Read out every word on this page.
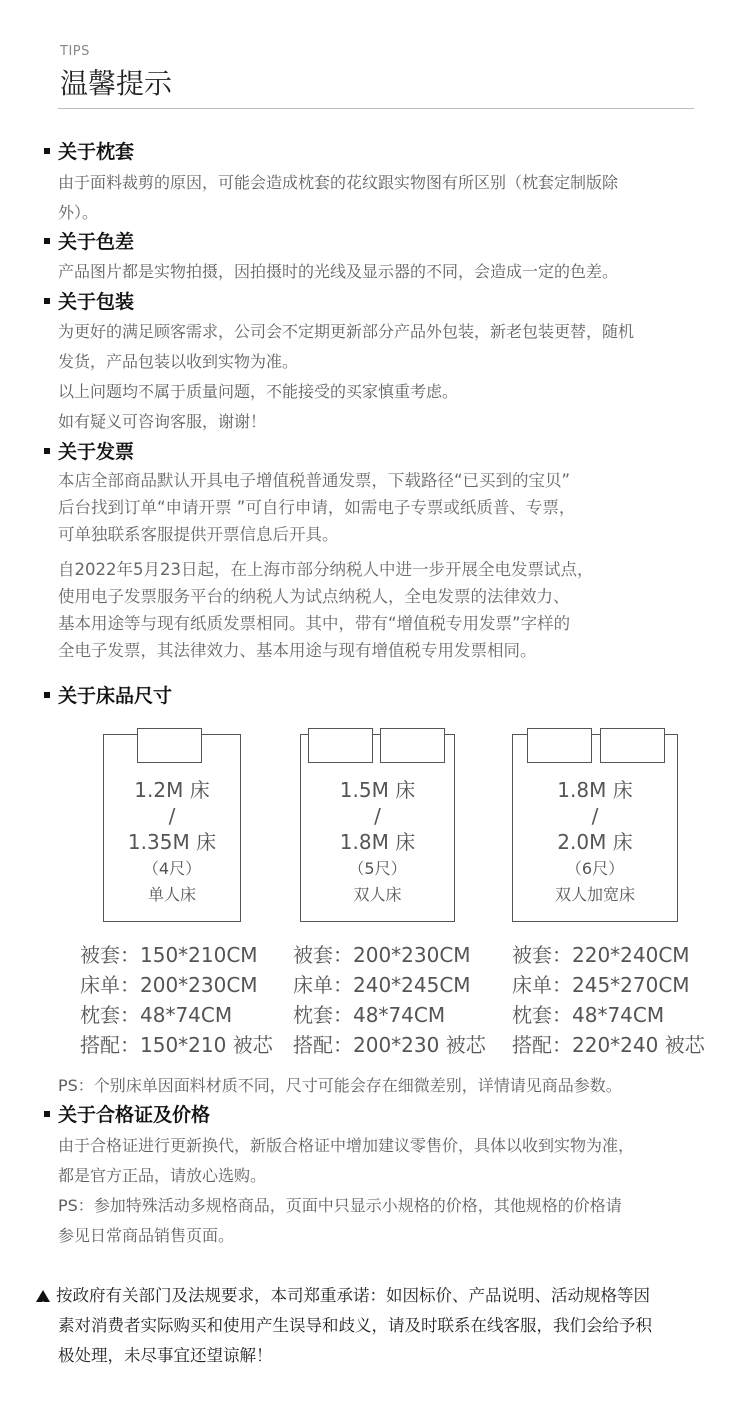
TIPS
温馨提示
关于枕套
由于面料裁剪的原因，可能会造成枕套的花纹跟实物图有所区别（枕套定制版除
外）。
关于色差
产品图片都是实物拍摄，因拍摄时的光线及显示器的不同，会造成一定的色差。
关于包装
为更好的满足顾客需求，公司会不定期更新部分产品外包装，新老包装更替，随机
发货，产品包装以收到实物为准。
以上问题均不属于质量问题，不能接受的买家慎重考虑。
如有疑义可咨询客服，谢谢！
关于发票
本店全部商品默认开具电子增值税普通发票，下载路径“已买到的宝贝”
后台找到订单“申请开票 ”可自行申请，如需电子专票或纸质普、专票，
可单独联系客服提供开票信息后开具。
自2022年5月23日起，在上海市部分纳税人中进一步开展全电发票试点，
使用电子发票服务平台的纳税人为试点纳税人，全电发票的法律效力、
基本用途等与现有纸质发票相同。其中，带有“增值税专用发票”字样的
全电子发票，其法律效力、基本用途与现有增值税专用发票相同。
关于床品尺寸
1.2M 床
/
1.35M 床
（4尺）
单人床
1.5M 床
/
1.8M 床
（5尺）
双人床
1.8M 床
/
2.0M 床
（6尺）
双人加宽床
被套：150*210CM
床单：200*230CM
枕套：48*74CM
搭配：150*210 被芯
被套：200*230CM
床单：240*245CM
枕套：48*74CM
搭配：200*230 被芯
被套：220*240CM
床单：245*270CM
枕套：48*74CM
搭配：220*240 被芯
PS：个别床单因面料材质不同，尺寸可能会存在细微差别，详情请见商品参数。
关于合格证及价格
由于合格证进行更新换代，新版合格证中增加建议零售价，具体以收到实物为准，
都是官方正品，请放心选购。
PS：参加特殊活动多规格商品，页面中只显示小规格的价格，其他规格的价格请
参见日常商品销售页面。
!按政府有关部门及法规要求，本司郑重承诺：如因标价、产品说明、活动规格等因
素对消费者实际购买和使用产生误导和歧义，请及时联系在线客服，我们会给予积
极处理，未尽事宜还望谅解！
